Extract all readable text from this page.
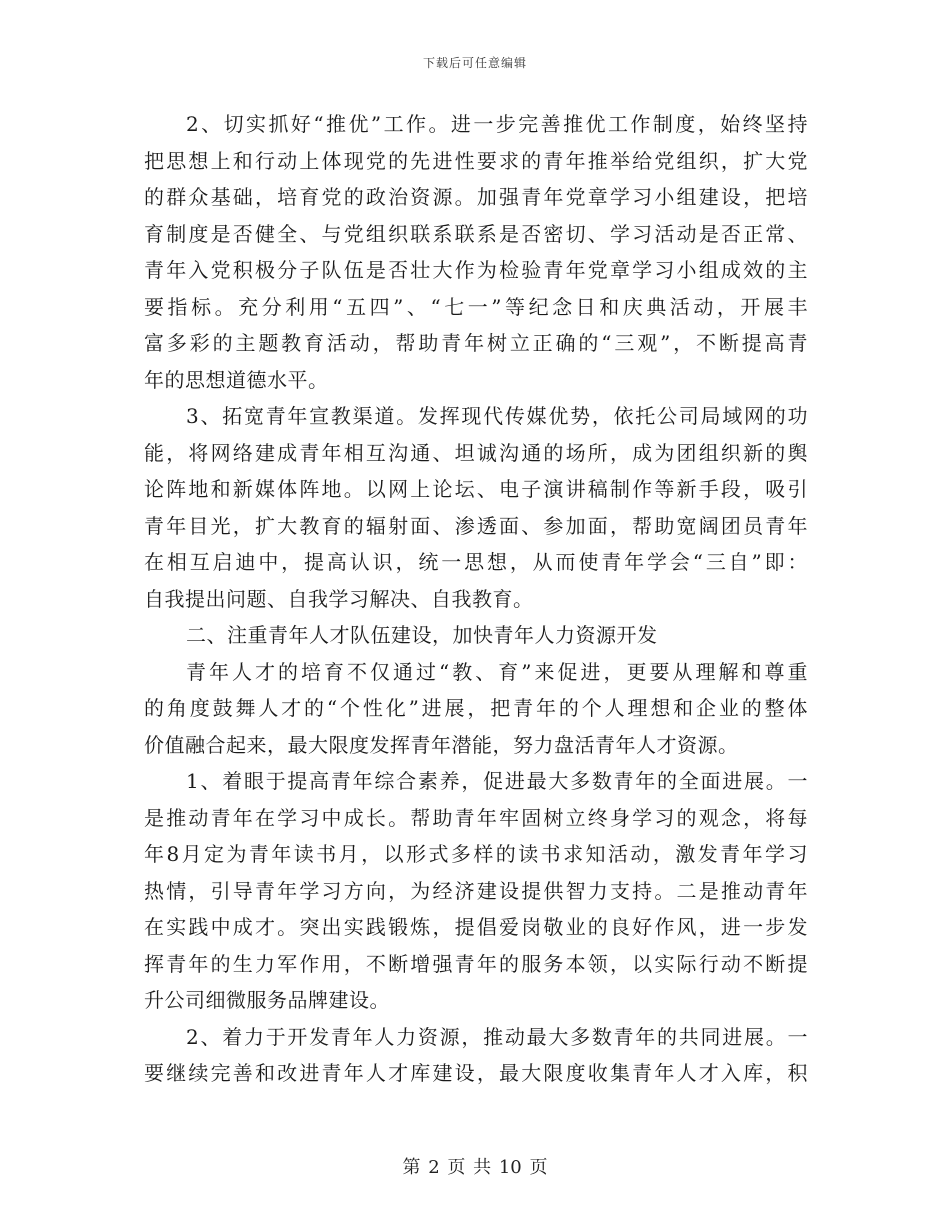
下载后可任意编辑
2、切实抓好“推优”工作。进一步完善推优工作制度，始终坚持
把思想上和行动上体现党的先进性要求的青年推举给党组织，扩大党
的群众基础，培育党的政治资源。加强青年党章学习小组建设，把培
育制度是否健全、与党组织联系联系是否密切、学习活动是否正常、
青年入党积极分子队伍是否壮大作为检验青年党章学习小组成效的主
要指标。充分利用“五四”、“七一”等纪念日和庆典活动，开展丰
富多彩的主题教育活动，帮助青年树立正确的“三观”，不断提高青
年的思想道德水平。
3、拓宽青年宣教渠道。发挥现代传媒优势，依托公司局域网的功
能，将网络建成青年相互沟通、坦诚沟通的场所，成为团组织新的舆
论阵地和新媒体阵地。以网上论坛、电子演讲稿制作等新手段，吸引
青年目光，扩大教育的辐射面、渗透面、参加面，帮助宽阔团员青年
在相互启迪中，提高认识，统一思想，从而使青年学会“三自”即：
自我提出问题、自我学习解决、自我教育。
二、注重青年人才队伍建设，加快青年人力资源开发
青年人才的培育不仅通过“教、育”来促进，更要从理解和尊重
的角度鼓舞人才的“个性化”进展，把青年的个人理想和企业的整体
价值融合起来，最大限度发挥青年潜能，努力盘活青年人才资源。
1、着眼于提高青年综合素养，促进最大多数青年的全面进展。一
是推动青年在学习中成长。帮助青年牢固树立终身学习的观念，将每
年8月定为青年读书月，以形式多样的读书求知活动，激发青年学习
热情，引导青年学习方向，为经济建设提供智力支持。二是推动青年
在实践中成才。突出实践锻炼，提倡爱岗敬业的良好作风，进一步发
挥青年的生力军作用，不断增强青年的服务本领，以实际行动不断提
升公司细微服务品牌建设。
2、着力于开发青年人力资源，推动最大多数青年的共同进展。一
要继续完善和改进青年人才库建设，最大限度收集青年人才入库，积
第 2 页 共 10 页
